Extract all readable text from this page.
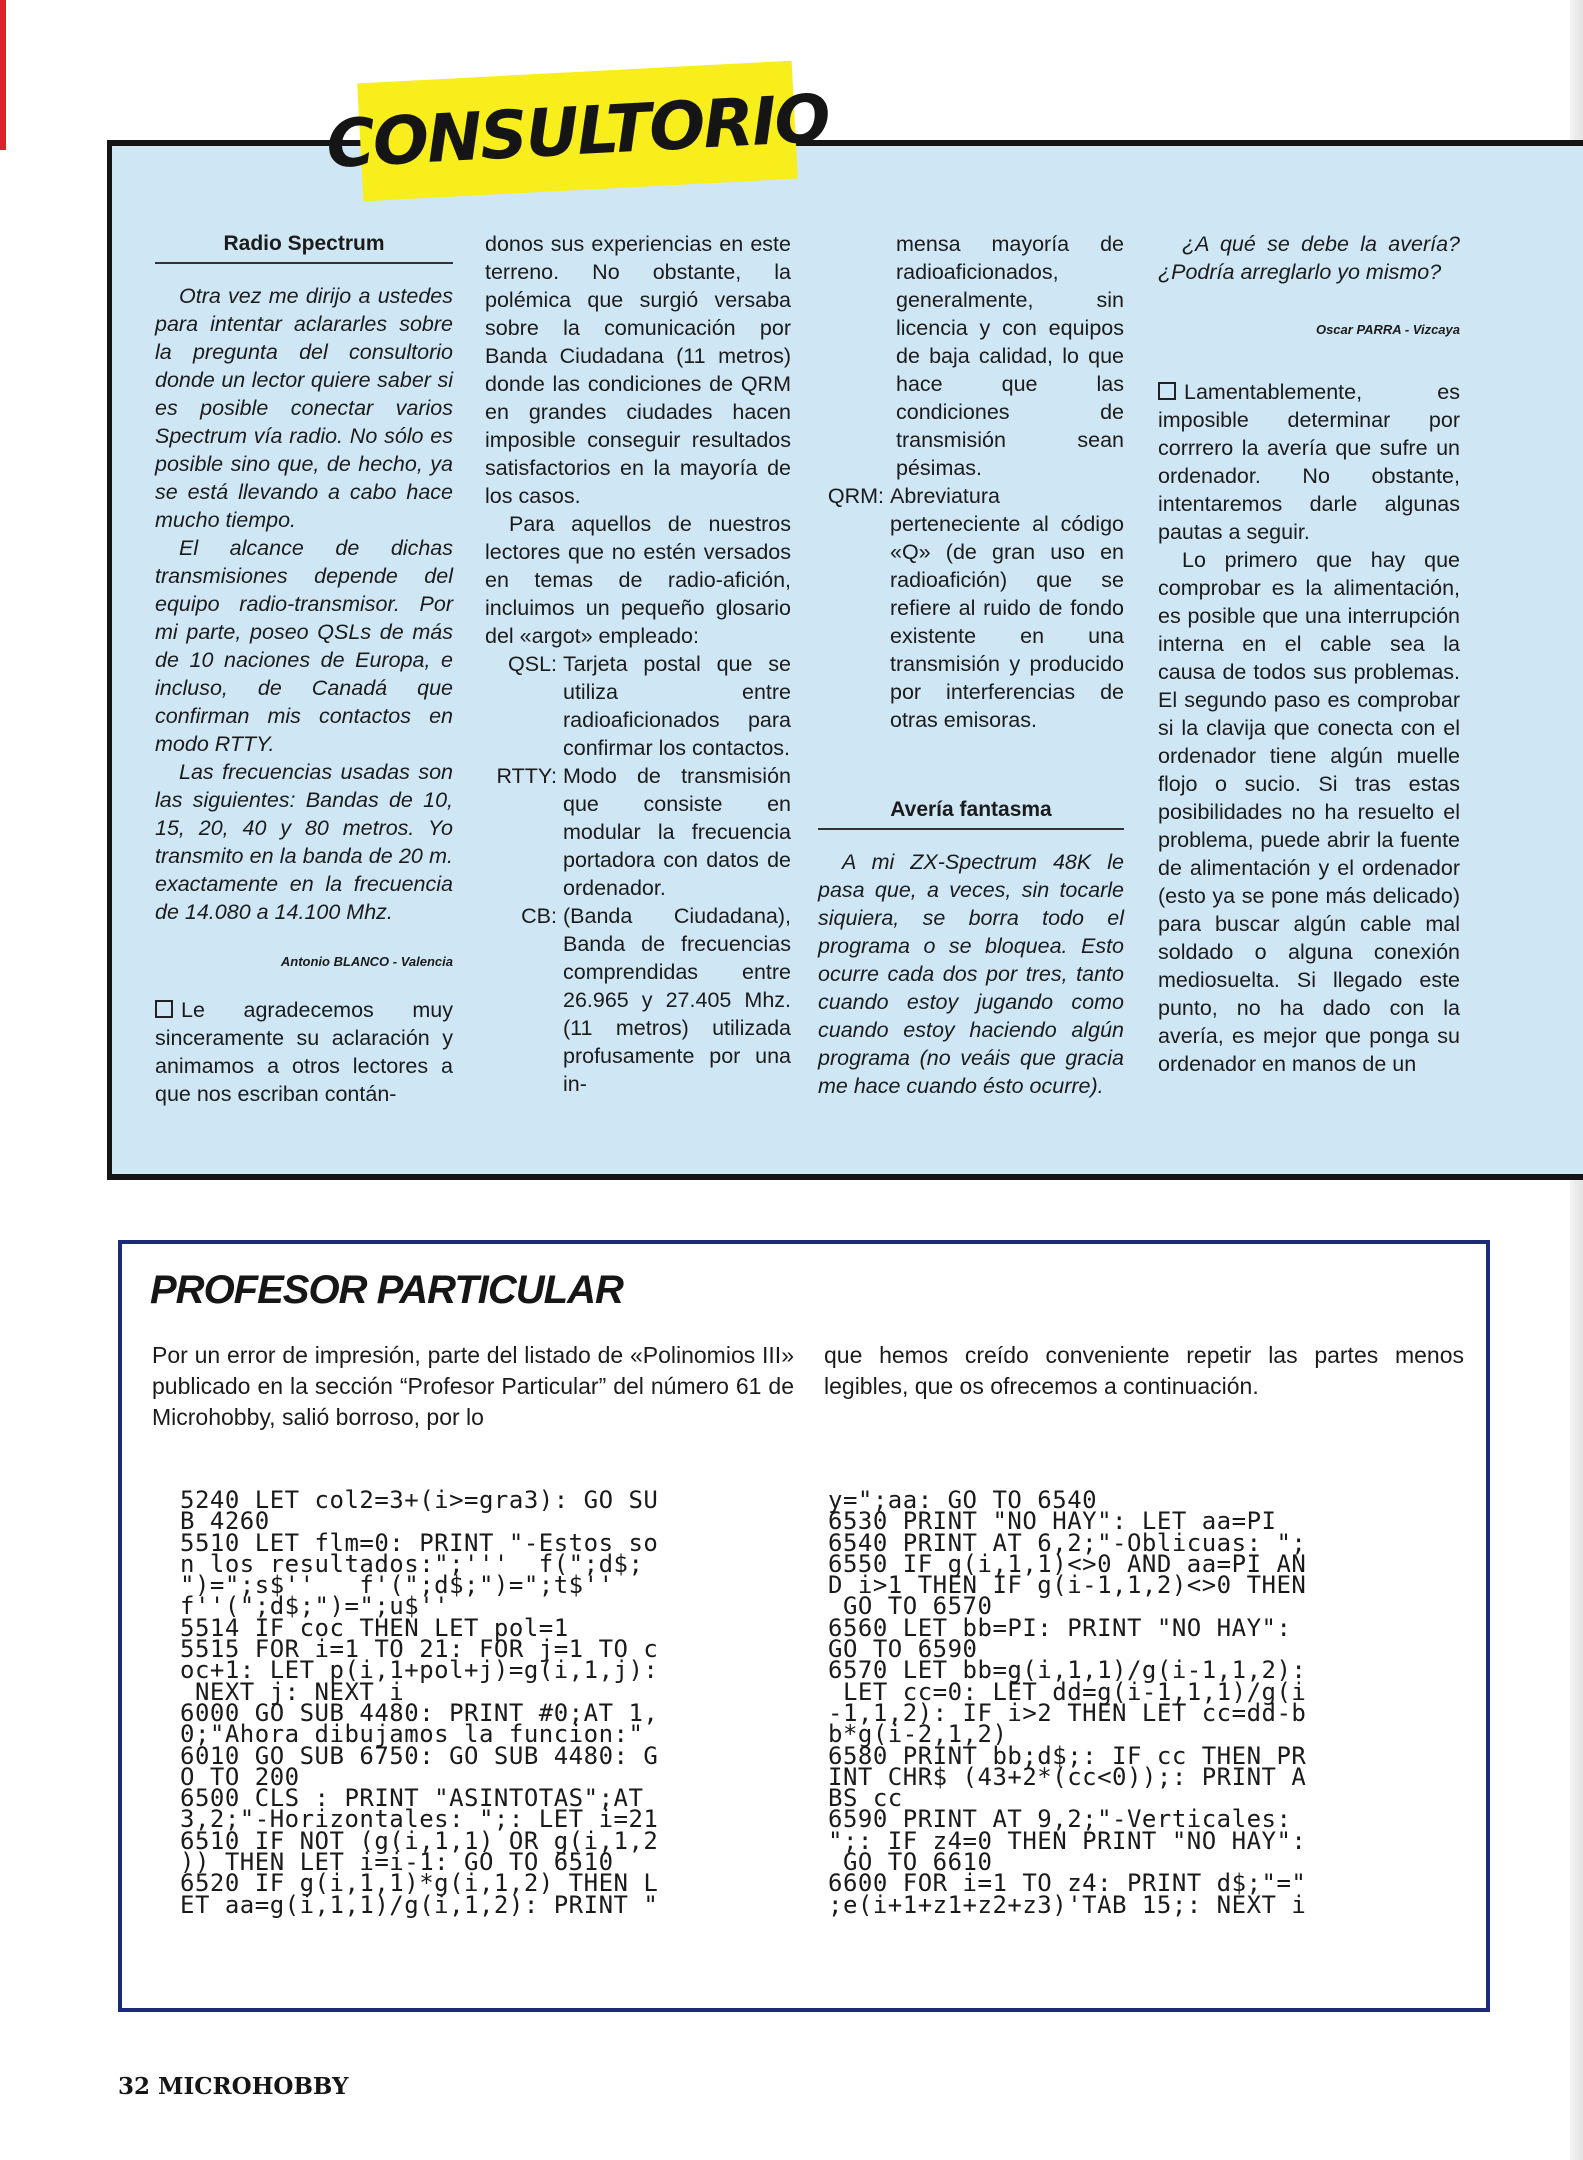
CONSULTORIO
Radio Spectrum

Otra vez me dirijo a ustedes para intentar aclararles sobre la pregunta del consultorio donde un lector quiere saber si es posible conectar varios Spectrum vía radio. No sólo es posible sino que, de hecho, ya se está llevando a cabo hace mucho tiempo.

El alcance de dichas transmisiones depende del equipo radio-transmisor. Por mi parte, poseo QSLs de más de 10 naciones de Europa, e incluso, de Canadá que confirman mis contactos en modo RTTY.

Las frecuencias usadas son las siguientes: Bandas de 10, 15, 20, 40 y 80 metros. Yo transmito en la banda de 20 m. exactamente en la frecuencia de 14.080 a 14.100 Mhz.

Antonio BLANCO - Valencia

Le agradecemos muy sinceramente su aclaración y animamos a otros lectores a que nos escriban contán-

donos sus experiencias en este terreno. No obstante, la polémica que surgió versaba sobre la comunicación por Banda Ciudadana (11 metros) donde las condiciones de QRM en grandes ciudades hacen imposible conseguir resultados satisfactorios en la mayoría de los casos.

Para aquellos de nuestros lectores que no estén versados en temas de radio-afición, incluimos un pequeño glosario del «argot» empleado:

QSL: Tarjeta postal que se utiliza entre radioaficionados para confirmar los contactos.
RTTY: Modo de transmisión que consiste en modular la frecuencia portadora con datos de ordenador.
CB: (Banda Ciudadana), Banda de frecuencias comprendidas entre 26.965 y 27.405 Mhz. (11 metros) utilizada profusamente por una in-

mensa mayoría de radioaficionados, generalmente, sin licencia y con equipos de baja calidad, lo que hace que las condiciones de transmisión sean pésimas.

QRM: Abreviatura perteneciente al código «Q» (de gran uso en radioafición) que se refiere al ruido de fondo existente en una transmisión y producido por interferencias de otras emisoras.
Avería fantasma

A mi ZX-Spectrum 48K le pasa que, a veces, sin tocarle siquiera, se borra todo el programa o se bloquea. Esto ocurre cada dos por tres, tanto cuando estoy jugando como cuando estoy haciendo algún programa (no veáis que gracia me hace cuando ésto ocurre).

¿A qué se debe la avería? ¿Podría arreglarlo yo mismo?

Oscar PARRA - Vizcaya

Lamentablemente, es imposible determinar por corrrero la avería que sufre un ordenador. No obstante, intentaremos darle algunas pautas a seguir.

Lo primero que hay que comprobar es la alimentación, es posible que una interrupción interna en el cable sea la causa de todos sus problemas. El segundo paso es comprobar si la clavija que conecta con el ordenador tiene algún muelle flojo o sucio. Si tras estas posibilidades no ha resuelto el problema, puede abrir la fuente de alimentación y el ordenador (esto ya se pone más delicado) para buscar algún cable mal soldado o alguna conexión mediosuelta. Si llegado este punto, no ha dado con la avería, es mejor que ponga su ordenador en manos de un

PROFESOR PARTICULAR
Por un error de impresión, parte del listado de «Polinomios III» publicado en la sección “Profesor Particular” del número 61 de Microhobby, salió borroso, por lo
que hemos creído conveniente repetir las partes menos legibles, que os ofrecemos a continuación.
5240 LET col2=3+(i>=gra3): GO SU
B 4260
5510 LET flm=0: PRINT "-Estos so
n los resultados:";'''  f(";d$;
")=";s$''   f'(";d$;")=";t$''
f''(";d$;")=";u$''
5514 IF coc THEN LET pol=1
5515 FOR i=1 TO 21: FOR j=1 TO c
oc+1: LET p(i,1+pol+j)=g(i,1,j):
NEXT j: NEXT i
6000 GO SUB 4480: PRINT #0;AT 1,
0;"Ahora dibujamos la funcion:"
6010 GO SUB 6750: GO SUB 4480: G
O TO 200
6500 CLS : PRINT "ASINTOTAS";AT
3,2;"-Horizontales: ";: LET i=21
6510 IF NOT (g(i,1,1) OR g(i,1,2
)) THEN LET i=i-1: GO TO 6510
6520 IF g(i,1,1)*g(i,1,2) THEN L
ET aa=g(i,1,1)/g(i,1,2): PRINT "
y=";aa: GO TO 6540
6530 PRINT "NO HAY": LET aa=PI
6540 PRINT AT 6,2;"-Oblicuas: ";
6550 IF g(i,1,1)<>0 AND aa=PI AN
D i>1 THEN IF g(i-1,1,2)<>0 THEN
GO TO 6570
6560 LET bb=PI: PRINT "NO HAY":
GO TO 6590
6570 LET bb=g(i,1,1)/g(i-1,1,2):
LET cc=0: LET dd=g(i-1,1,1)/g(i
-1,1,2): IF i>2 THEN LET cc=dd-b
b*g(i-2,1,2)
6580 PRINT bb;d$;: IF cc THEN PR
INT CHR$ (43+2*(cc<0));: PRINT A
BS cc
6590 PRINT AT 9,2;"-Verticales:
";: IF z4=0 THEN PRINT "NO HAY":
GO TO 6610
6600 FOR i=1 TO z4: PRINT d$;"="
;e(i+1+z1+z2+z3)'TAB 15;: NEXT i
32 MICROHOBBY
